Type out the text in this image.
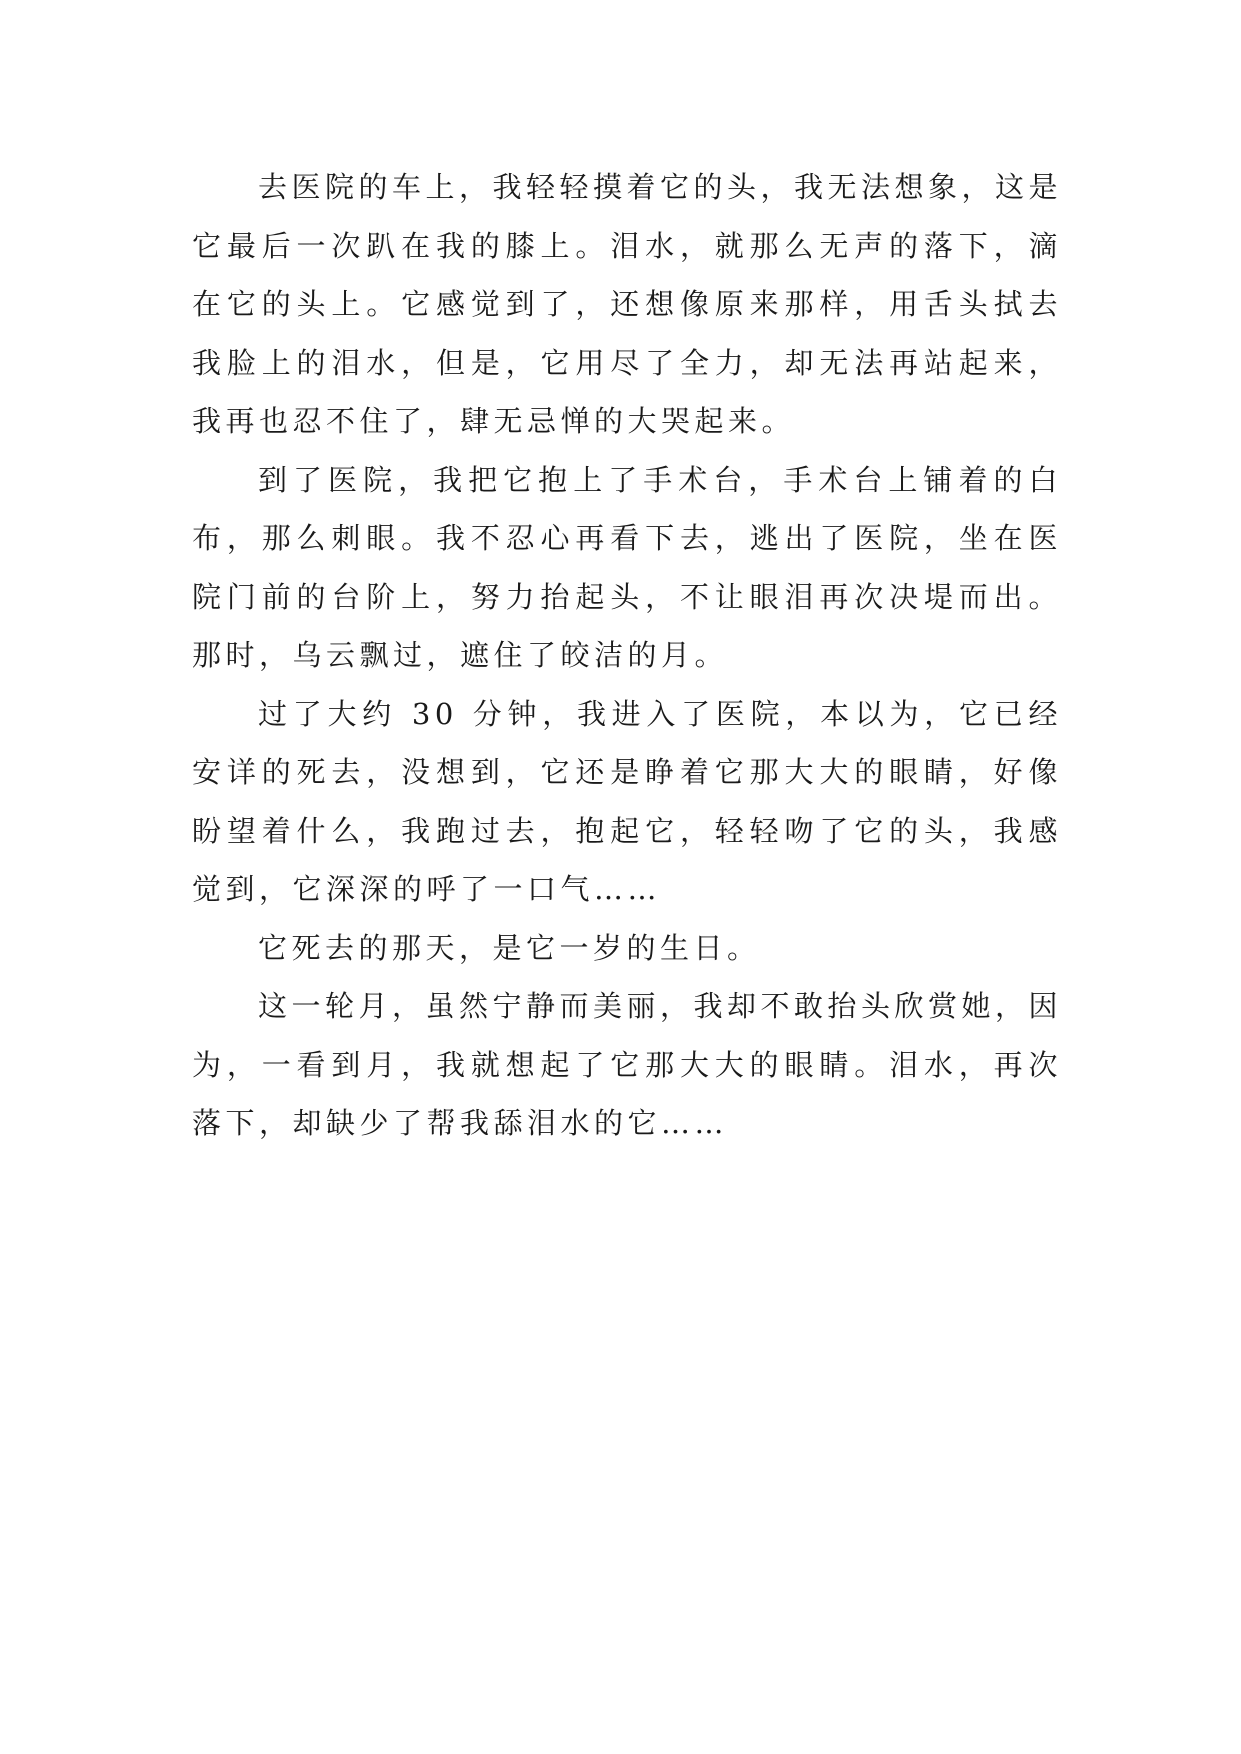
去医院的车上，我轻轻摸着它的头，我无法想象，这是它最后一次趴在我的膝上。泪水，就那么无声的落下，滴在它的头上。它感觉到了，还想像原来那样，用舌头拭去我脸上的泪水，但是，它用尽了全力，却无法再站起来，我再也忍不住了，肆无忌惮的大哭起来。

到了医院，我把它抱上了手术台，手术台上铺着的白布，那么刺眼。我不忍心再看下去，逃出了医院，坐在医院门前的台阶上，努力抬起头，不让眼泪再次决堤而出。那时，乌云飘过，遮住了皎洁的月。

过了大约 30 分钟，我进入了医院，本以为，它已经安详的死去，没想到，它还是睁着它那大大的眼睛，好像盼望着什么，我跑过去，抱起它，轻轻吻了它的头，我感觉到，它深深的呼了一口气……

它死去的那天，是它一岁的生日。

这一轮月，虽然宁静而美丽，我却不敢抬头欣赏她，因为，一看到月，我就想起了它那大大的眼睛。泪水，再次落下，却缺少了帮我舔泪水的它……
